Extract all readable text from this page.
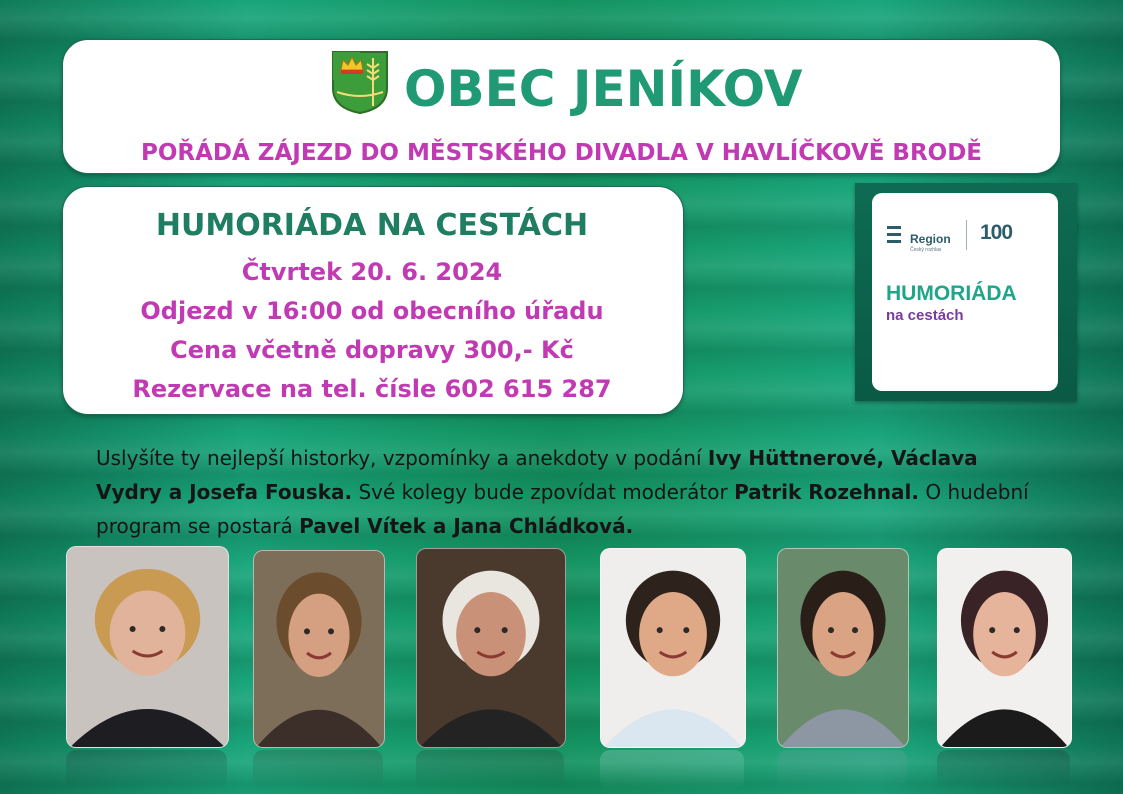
OBEC JENÍKOV
POŘÁDÁ ZÁJEZD DO MĚSTSKÉHO DIVADLA V HAVLÍČKOVĚ BRODĚ
HUMORIÁDA NA CESTÁCH
Čtvrtek 20. 6. 2024
Odjezd v 16:00 od obecního úřadu
Cena včetně dopravy 300,- Kč
Rezervace na tel. čísle 602 615 287
Region
Český rozhlas
100
HUMORIÁDA
na cestách

Uslyšíte ty nejlepší historky, vzpomínky a anekdoty v podání Ivy Hüttnerové, Václava Vydry a Josefa Fouska. Své kolegy bude zpovídat moderátor Patrik Rozehnal. O hudební program se postará Pavel Vítek a Jana Chládková.
